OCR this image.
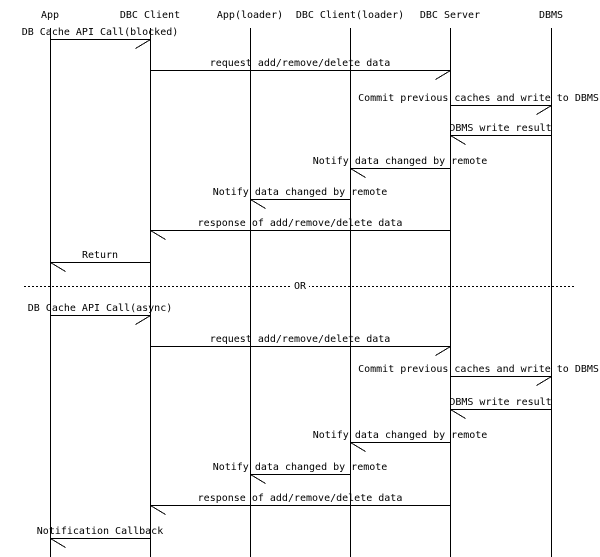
App	DBC Client	App(loader) DBC Client(loader) DBC Server	DBMS
DB Cache API Call(blocked)
request add/remove/delete data
Commit previous caches and write to DBMS
DBMS write result
Notify data changed by remote
Notify data changed by remote
response of add/remove/delete data
Return
DB Cache API Call(async)
request add/remove/delete data
Commit previous caches and write to DBMS
DBMS write result
Notify data changed by remote
Notify data changed by remote
response of add/remove/delete data
Notification Callback
OR
